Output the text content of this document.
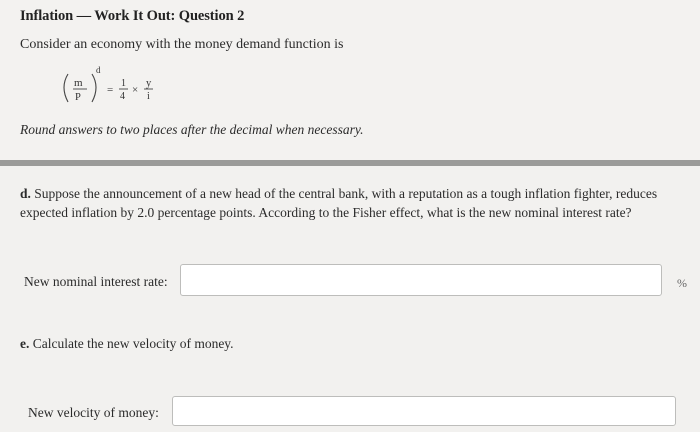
Inflation — Work It Out: Question 2
Consider an economy with the money demand function is
m
P
d
=
1
4
×
y
i
Round answers to two places after the decimal when necessary.
d. Suppose the announcement of a new head of the central bank, with a reputation as a tough inflation fighter, reduces expected inflation by 2.0 percentage points. According to the Fisher effect, what is the new nominal interest rate?
New nominal interest rate:	%
e. Calculate the new velocity of money.
New velocity of money:
